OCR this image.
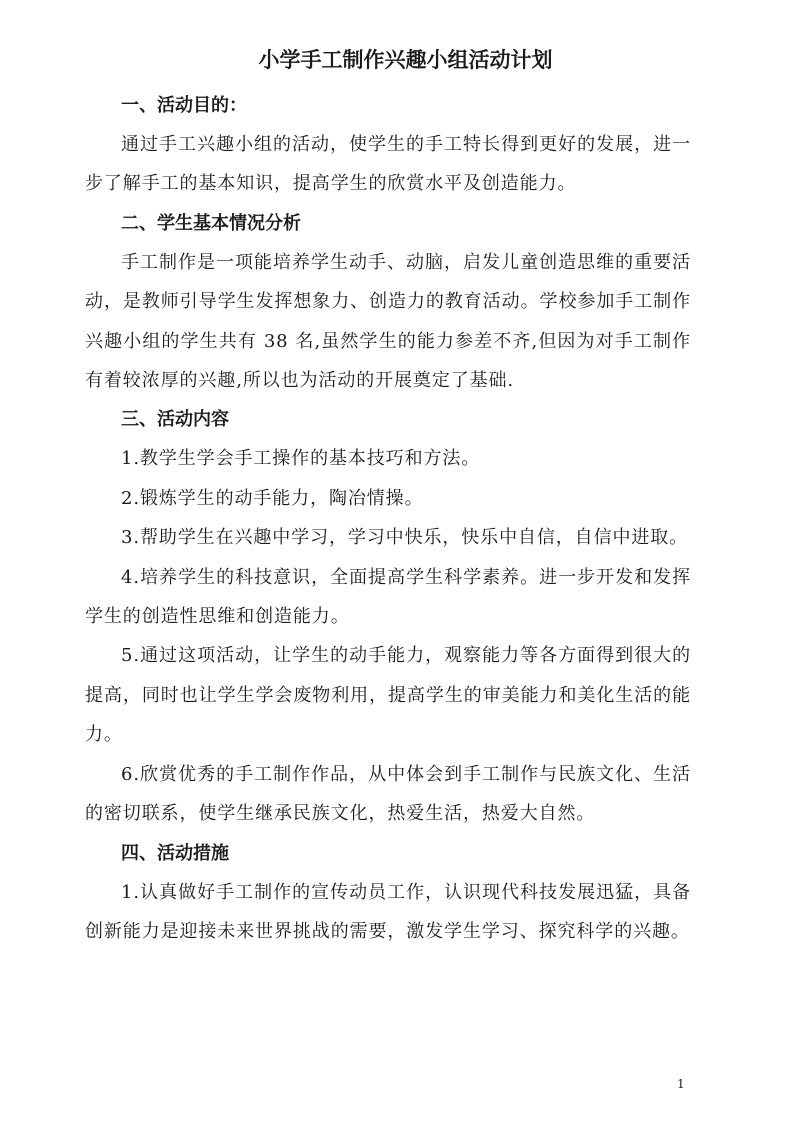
小学手工制作兴趣小组活动计划
一、活动目的：

通过手工兴趣小组的活动，使学生的手工特长得到更好的发展，进一步了解手工的基本知识，提高学生的欣赏水平及创造能力。

二、学生基本情况分析

手工制作是一项能培养学生动手、动脑，启发儿童创造思维的重要活动，是教师引导学生发挥想象力、创造力的教育活动。学校参加手工制作兴趣小组的学生共有 38 名,虽然学生的能力参差不齐,但因为对手工制作有着较浓厚的兴趣,所以也为活动的开展奠定了基础.

三、活动内容

1.教学生学会手工操作的基本技巧和方法。

2.锻炼学生的动手能力，陶冶情操。

3.帮助学生在兴趣中学习，学习中快乐，快乐中自信，自信中进取。

4.培养学生的科技意识，全面提高学生科学素养。进一步开发和发挥学生的创造性思维和创造能力。

5.通过这项活动，让学生的动手能力，观察能力等各方面得到很大的提高，同时也让学生学会废物利用，提高学生的审美能力和美化生活的能力。

6.欣赏优秀的手工制作作品，从中体会到手工制作与民族文化、生活的密切联系，使学生继承民族文化，热爱生活，热爱大自然。

四、活动措施

1.认真做好手工制作的宣传动员工作，认识现代科技发展迅猛，具备创新能力是迎接未来世界挑战的需要，激发学生学习、探究科学的兴趣。

1
